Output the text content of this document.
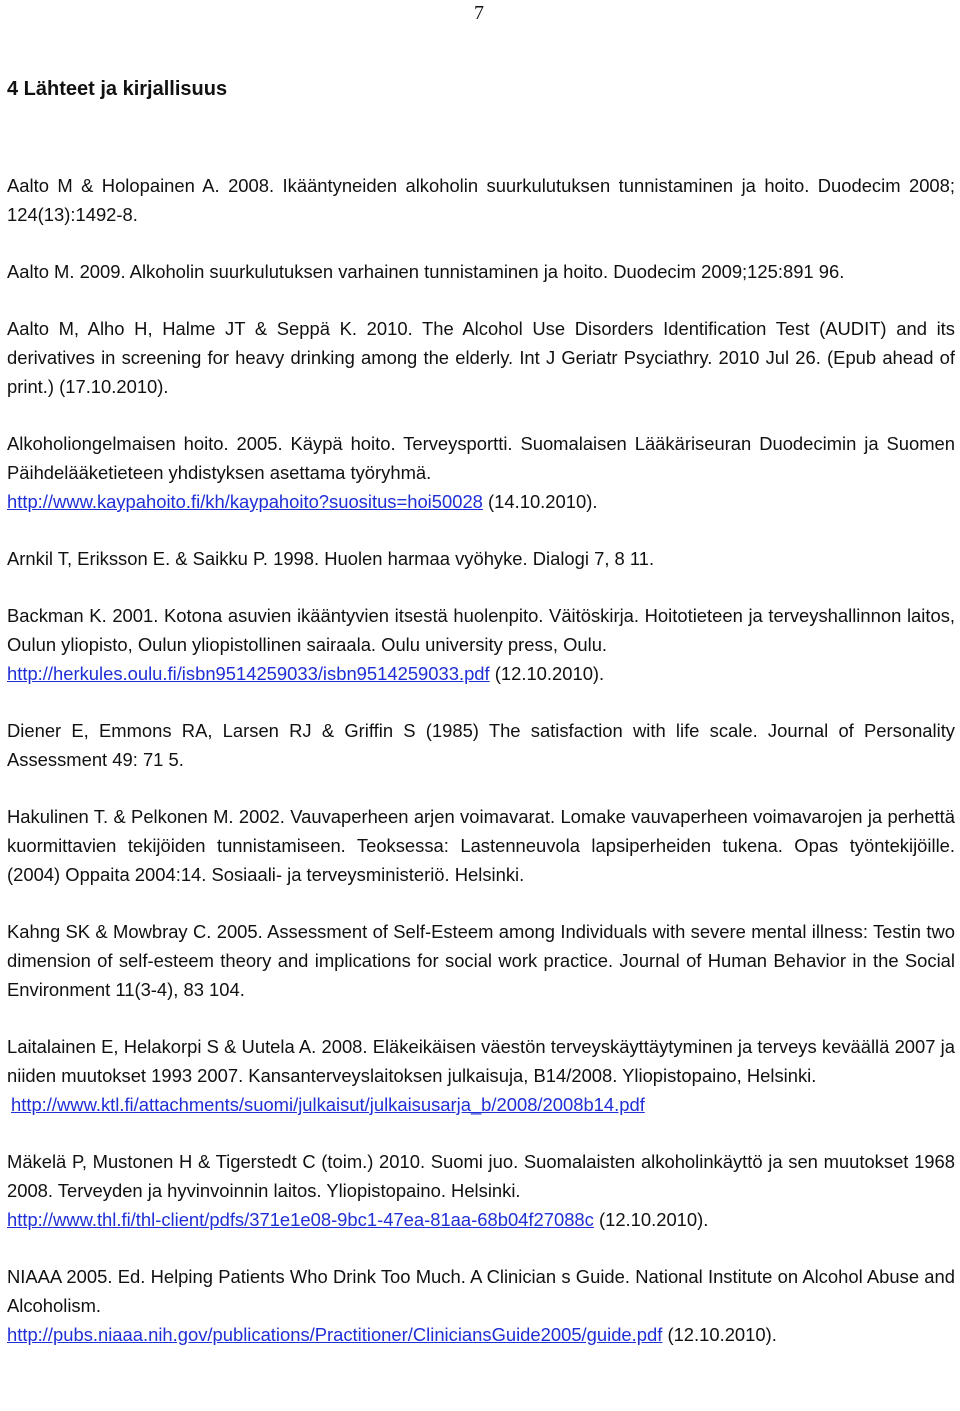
7
4 Lähteet ja kirjallisuus

Aalto M & Holopainen A. 2008. Ikääntyneiden alkoholin suurkulutuksen tunnistaminen ja hoito. Duodecim 2008; 124(13):1492-8.

Aalto M. 2009. Alkoholin suurkulutuksen varhainen tunnistaminen ja hoito. Duodecim 2009;125:891 96.

Aalto M, Alho H, Halme JT & Seppä K. 2010. The Alcohol Use Disorders Identification Test (AUDIT) and its derivatives in screening for heavy drinking among the elderly. Int J Geriatr Psyciathry. 2010 Jul 26. (Epub ahead of print.) (17.10.2010).

Alkoholiongelmaisen hoito. 2005. Käypä hoito. Terveysportti. Suomalaisen Lääkäriseuran Duodecimin ja Suomen Päihdelääketieteen yhdistyksen asettama työryhmä.
http://www.kaypahoito.fi/kh/kaypahoito?suositus=hoi50028 (14.10.2010).

Arnkil T, Eriksson E. & Saikku P. 1998. Huolen harmaa vyöhyke. Dialogi 7, 8 11.

Backman K. 2001. Kotona asuvien ikääntyvien itsestä huolenpito. Väitöskirja. Hoitotieteen ja terveyshallinnon laitos, Oulun yliopisto, Oulun yliopistollinen sairaala. Oulu university press, Oulu.
http://herkules.oulu.fi/isbn9514259033/isbn9514259033.pdf (12.10.2010).

Diener E, Emmons RA, Larsen RJ & Griffin S (1985) The satisfaction with life scale. Journal of Personality Assessment 49: 71 5.

Hakulinen T. & Pelkonen M. 2002. Vauvaperheen arjen voimavarat. Lomake vauvaperheen voimavarojen ja perhettä kuormittavien tekijöiden tunnistamiseen. Teoksessa: Lastenneuvola lapsiperheiden tukena. Opas työntekijöille. (2004) Oppaita 2004:14. Sosiaali- ja terveysministeriö. Helsinki.

Kahng SK & Mowbray C. 2005. Assessment of Self-Esteem among Individuals with severe mental illness: Testin two dimension of self-esteem theory and implications for social work practice. Journal of Human Behavior in the Social Environment 11(3-4), 83 104.

Laitalainen E, Helakorpi S & Uutela A. 2008. Eläkeikäisen väestön terveyskäyttäytyminen ja terveys keväällä 2007 ja niiden muutokset 1993 2007. Kansanterveyslaitoksen julkaisuja, B14/2008. Yliopistopaino, Helsinki.
http://www.ktl.fi/attachments/suomi/julkaisut/julkaisusarja_b/2008/2008b14.pdf

Mäkelä P, Mustonen H & Tigerstedt C (toim.) 2010. Suomi juo. Suomalaisten alkoholinkäyttö ja sen muutokset 1968 2008. Terveyden ja hyvinvoinnin laitos. Yliopistopaino. Helsinki.
http://www.thl.fi/thl-client/pdfs/371e1e08-9bc1-47ea-81aa-68b04f27088c (12.10.2010).

NIAAA 2005. Ed. Helping Patients Who Drink Too Much. A Clinician s Guide. National Institute on Alcohol Abuse and Alcoholism.
http://pubs.niaaa.nih.gov/publications/Practitioner/CliniciansGuide2005/guide.pdf (12.10.2010).
